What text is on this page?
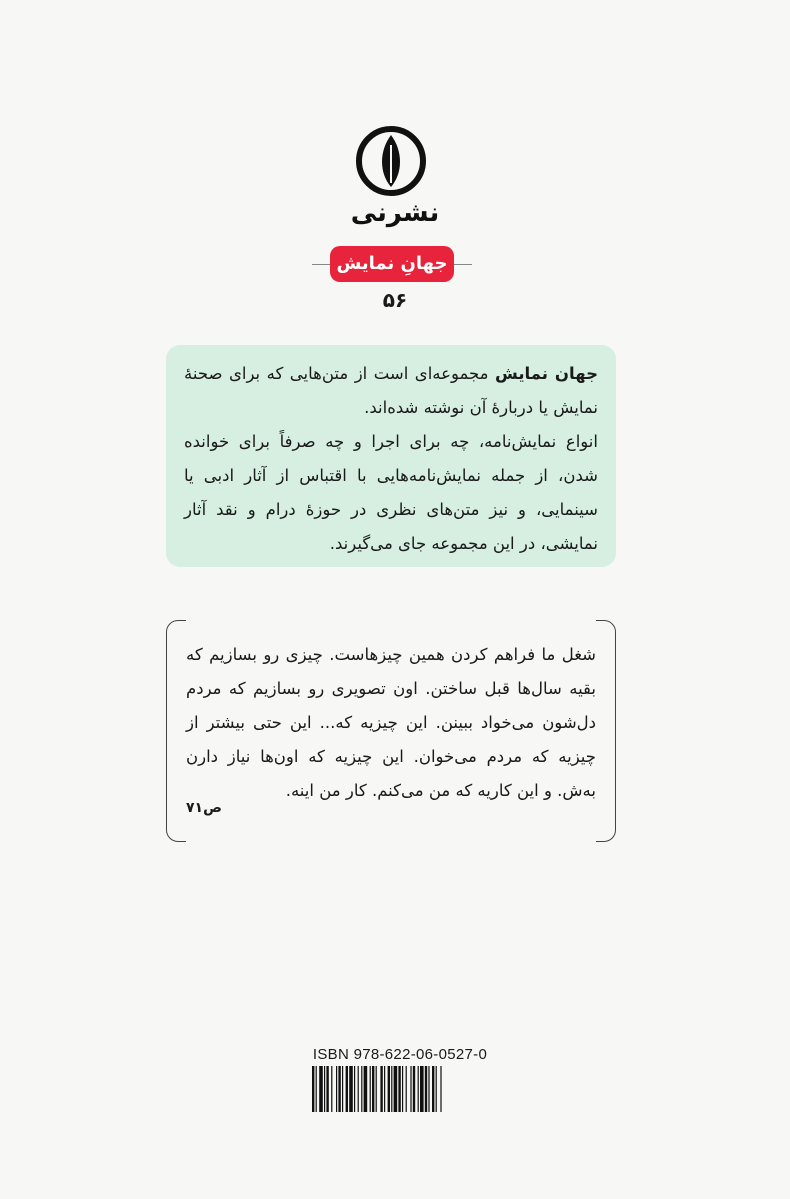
نشرنی
جهانِ نمایش
۵۶

جهان نمایش مجموعه‌ای است از متن‌هایی که برای صحنهٔ نمایش یا دربارهٔ آن نوشته شده‌اند.

انواع نمایش‌نامه، چه برای اجرا و چه صرفاً برای خوانده شدن، از جمله نمایش‌نامه‌هایی با اقتباس از آثار ادبی یا سینمایی، و نیز متن‌های نظری در حوزهٔ درام و نقد آثار نمایشی، در این مجموعه جای می‌گیرند.

شغل ما فراهم کردن همین چیزهاست. چیزی رو بسازیم که بقیه سال‌ها قبل ساختن. اون تصویری رو بسازیم که مردم دل‌شون می‌خواد ببینن. این چیزیه که... این حتی بیشتر از چیزیه که مردم می‌خوان. این چیزیه که اون‌ها نیاز دارن به‌ش. و این کاریه که من می‌کنم. کار من اینه.

ص۷۱
ISBN 978-622-06-0527-0
